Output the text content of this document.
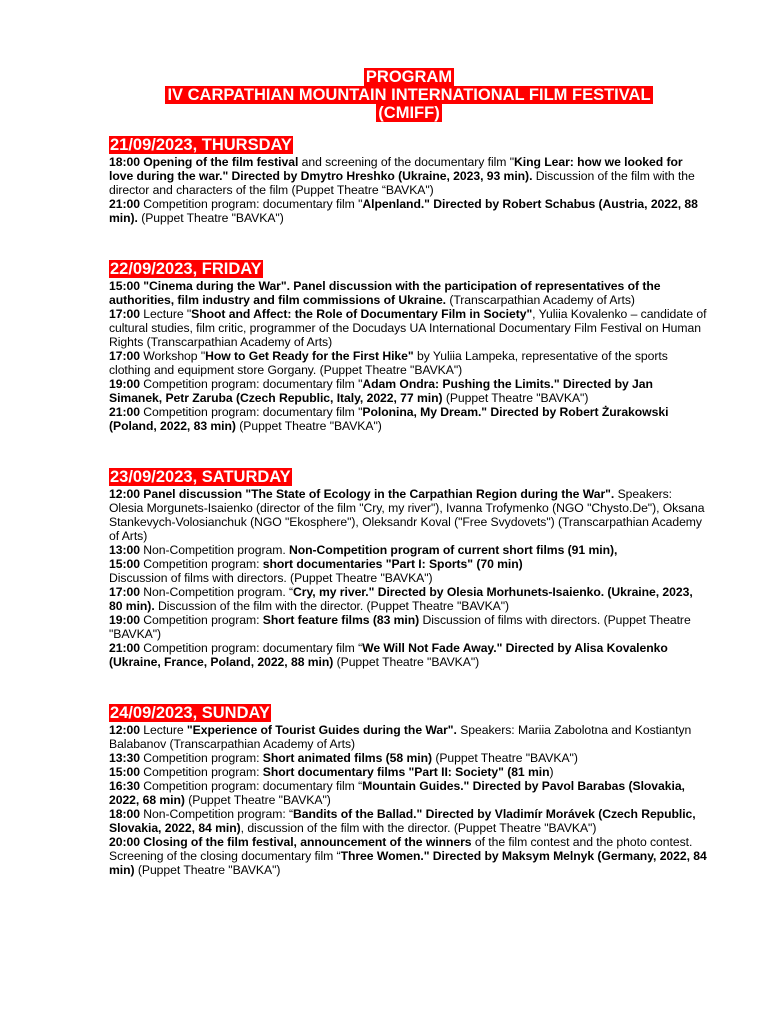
PROGRAM
IV CARPATHIAN MOUNTAIN INTERNATIONAL FILM FESTIVAL
(CMIFF)
21/09/2023, THURSDAY

18:00 Opening of the film festival and screening of the documentary film "King Lear: how we looked for love during the war." Directed by Dmytro Hreshko (Ukraine, 2023, 93 min). Discussion of the film with the director and characters of the film (Puppet Theatre “BAVKA")

21:00 Competition program: documentary film "Alpenland." Directed by Robert Schabus (Austria, 2022, 88 min). (Puppet Theatre "BAVKA")

22/09/2023, FRIDAY

15:00 "Cinema during the War". Panel discussion with the participation of representatives of the authorities, film industry and film commissions of Ukraine. (Transcarpathian Academy of Arts)

17:00 Lecture "Shoot and Affect: the Role of Documentary Film in Society", Yuliia Kovalenko – candidate of cultural studies, film critic, programmer of the Docudays UA International Documentary Film Festival on Human Rights (Transcarpathian Academy of Arts)

17:00 Workshop "How to Get Ready for the First Hike" by Yuliia Lampeka, representative of the sports clothing and equipment store Gorgany. (Puppet Theatre "BAVKA")

19:00 Competition program: documentary film "Adam Ondra: Pushing the Limits." Directed by Jan Simanek, Petr Zaruba (Czech Republic, Italy, 2022, 77 min) (Puppet Theatre "BAVKA")

21:00 Competition program: documentary film "Polonina, My Dream." Directed by Robert Żurakowski (Poland, 2022, 83 min) (Puppet Theatre "BAVKA")

23/09/2023, SATURDAY

12:00 Panel discussion "The State of Ecology in the Carpathian Region during the War". Speakers: Olesia Morgunets-Isaienko (director of the film "Cry, my river"), Ivanna Trofymenko (NGO "Chysto.De"), Oksana Stankevych-Volosianchuk (NGO "Ekosphere"), Oleksandr Koval ("Free Svydovets") (Transcarpathian Academy of Arts)

13:00 Non-Competition program. Non-Competition program of current short films (91 min),

15:00 Competition program: short documentaries "Part I: Sports" (70 min)
Discussion of films with directors. (Puppet Theatre "BAVKA")

17:00 Non-Competition program. “Cry, my river." Directed by Olesia Morhunets-Isaienko. (Ukraine, 2023, 80 min). Discussion of the film with the director. (Puppet Theatre "BAVKA")

19:00 Competition program: Short feature films (83 min) Discussion of films with directors. (Puppet Theatre "BAVKA")

21:00 Competition program: documentary film “We Will Not Fade Away." Directed by Alisa Kovalenko (Ukraine, France, Poland, 2022, 88 min) (Puppet Theatre "BAVKA")

24/09/2023, SUNDAY

12:00 Lecture "Experience of Tourist Guides during the War". Speakers: Mariia Zabolotna and Kostiantyn Balabanov (Transcarpathian Academy of Arts)

13:30 Competition program: Short animated films (58 min) (Puppet Theatre "BAVKA")

15:00 Competition program: Short documentary films "Part II: Society" (81 min)

16:30 Competition program: documentary film “Mountain Guides." Directed by Pavol Barabas (Slovakia, 2022, 68 min) (Puppet Theatre "BAVKA")

18:00 Non-Competition program: “Bandits of the Ballad." Directed by Vladimír Morávek (Czech Republic, Slovakia, 2022, 84 min), discussion of the film with the director. (Puppet Theatre "BAVKA")

20:00 Closing of the film festival, announcement of the winners of the film contest and the photo contest. Screening of the closing documentary film “Three Women." Directed by Maksym Melnyk (Germany, 2022, 84 min) (Puppet Theatre "BAVKA")
